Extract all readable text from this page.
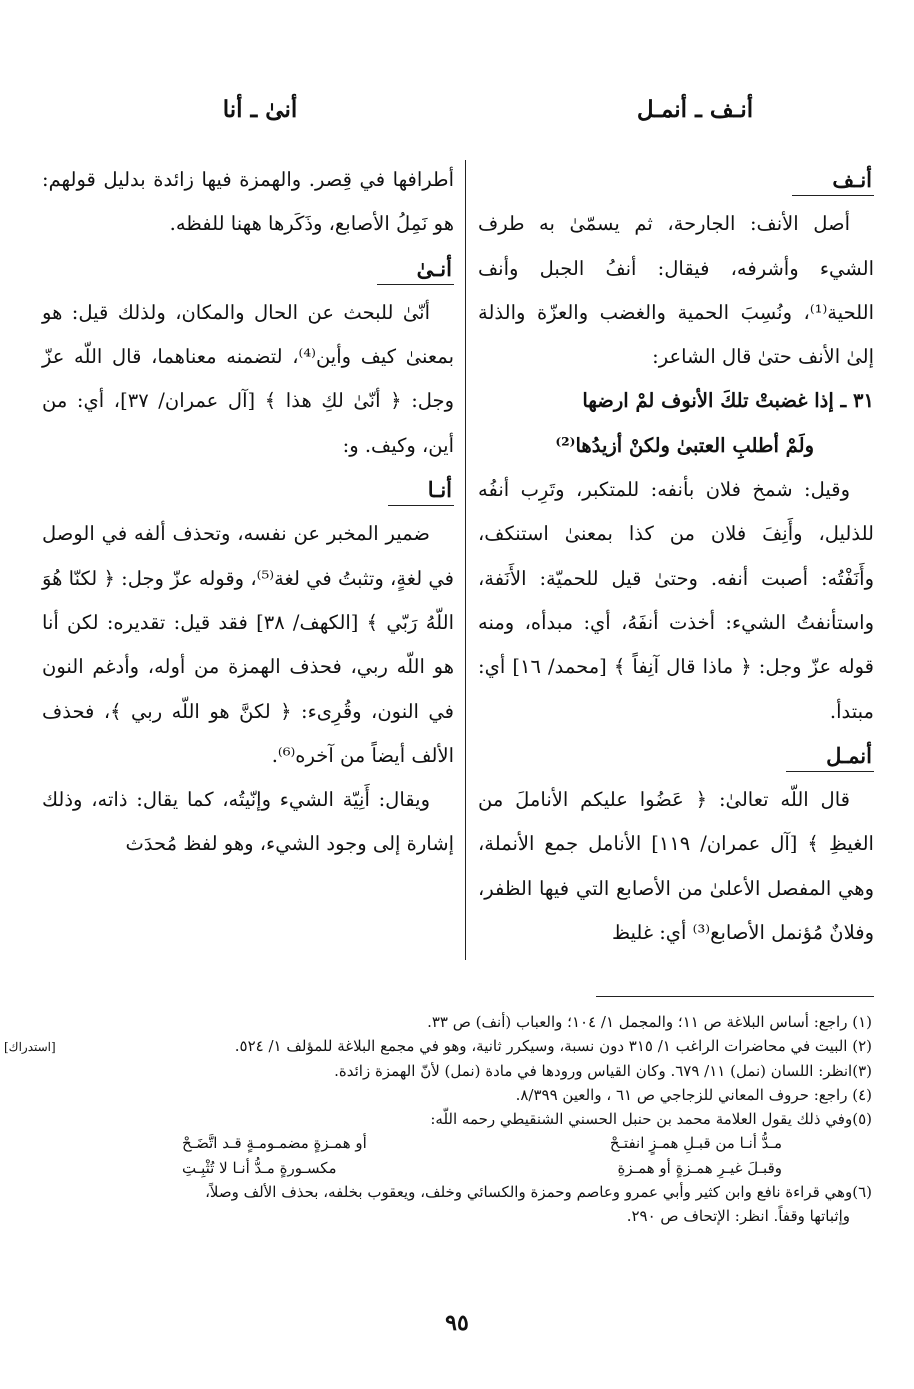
أنـف ـ أنمـل
أنىٰ ـ أنا
أنـف

أصل الأنف: الجارحة، ثم يسمّىٰ به طرف الشيء وأشرفه، فيقال: أنفُ الجبل وأنف اللحية⁽¹⁾، ونُسِبَ الحمية والغضب والعزّة والذلة إلىٰ الأنف حتىٰ قال الشاعر:

٣١ ـ إذا غضبتْ تلكَ الأنوف لمْ ارضها

ولَمْ أطلبِ العتبىٰ ولكنْ أزيدُها⁽²⁾

وقيل: شمخ فلان بأنفه: للمتكبر، وتَرِب أنفُه للذليل، وأَنِفَ فلان من كذا بمعنىٰ استنكف، وأَنَفْتُه: أصبت أنفه. وحتىٰ قيل للحميّة: الأَنَفة، واستأنفتُ الشيء: أخذت أنفَهُ، أي: مبدأه، ومنه قوله عزّ وجل: ﴿ ماذا قال آنِفاً ﴾ [محمد/ ١٦] أي: مبتدأ.

أنمـل

قال اللّه تعالىٰ: ﴿ عَضُوا عليكم الأناملَ من الغيظِ ﴾ [آل عمران/ ١١٩] الأنامل جمع الأنملة، وهي المفصل الأعلىٰ من الأصابع التي فيها الظفر، وفلانٌ مُؤنمل الأصابع⁽³⁾ أي: غليظ

أطرافها في قِصر. والهمزة فيها زائدة بدليل قولهم: هو نَمِلُ الأصابع، وذَكَرها ههنا للفظه.

أنـىٰ

أنّىٰ للبحث عن الحال والمكان، ولذلك قيل: هو بمعنىٰ كيف وأين⁽⁴⁾، لتضمنه معناهما، قال اللّه عزّ وجل: ﴿ أنّىٰ لكِ هذا ﴾ [آل عمران/ ٣٧]، أي: من أين، وكيف. و:

أنـا

ضمير المخبر عن نفسه، وتحذف ألفه في الوصل في لغةٍ، وتثبتُ في لغة⁽⁵⁾، وقوله عزّ وجل: ﴿ لكنّا هُوَ اللّهُ رَبّي ﴾ [الكهف/ ٣٨] فقد قيل: تقديره: لكن أنا هو اللّه ربي، فحذف الهمزة من أوله، وأدغم النون في النون، وقُرِىء: ﴿ لكنَّ هو اللّه ربي ﴾، فحذف الألف أيضاً من آخره⁽⁶⁾.

ويقال: أَنِيّة الشيء وإنّيتُه، كما يقال: ذاته، وذلك إشارة إلى وجود الشيء، وهو لفظ مُحدَث

(١) راجع: أساس البلاغة ص ١١؛ والمجمل ١/ ١٠٤؛ والعباب (أنف) ص ٣٣.

(٢) البيت في محاضرات الراغب ١/ ٣١٥ دون نسبة، وسيكرر ثانية، وهو في مجمع البلاغة للمؤلف ١/ ٥٢٤.

(٣)انظر: اللسان (نمل) ١١/ ٦٧٩. وكان القياس ورودها في مادة (نمل) لأنّ الهمزة زائدة.

(٤) راجع: حروف المعاني للزجاجي ص ٦١ ، والعين ٨/٣٩٩.

(٥)وفي ذلك يقول العلامة محمد بن حنبل الحسني الشنقيطي رحمه اللّه:

مـدُّ أنـا من قبـلِ همـزٍ انفتـحْ
أو همـزةٍ مضمـومـةٍ قـد اتَّضَـحْ

وقبـلَ غيـرِ همـزةٍ أو همـزةِ
مكسـورةٍ مـدُّ أنـا لا تُثْبِـتِ

(٦)وهي قراءة نافع وابن كثير وأبي عمرو وعاصم وحمزة والكسائي وخلف، ويعقوب بخلفه، بحذف الألف وصلاً،

وإثباتها وقفاً. انظر: الإتحاف ص ٢٩٠.

[استدراك]
٩٥
